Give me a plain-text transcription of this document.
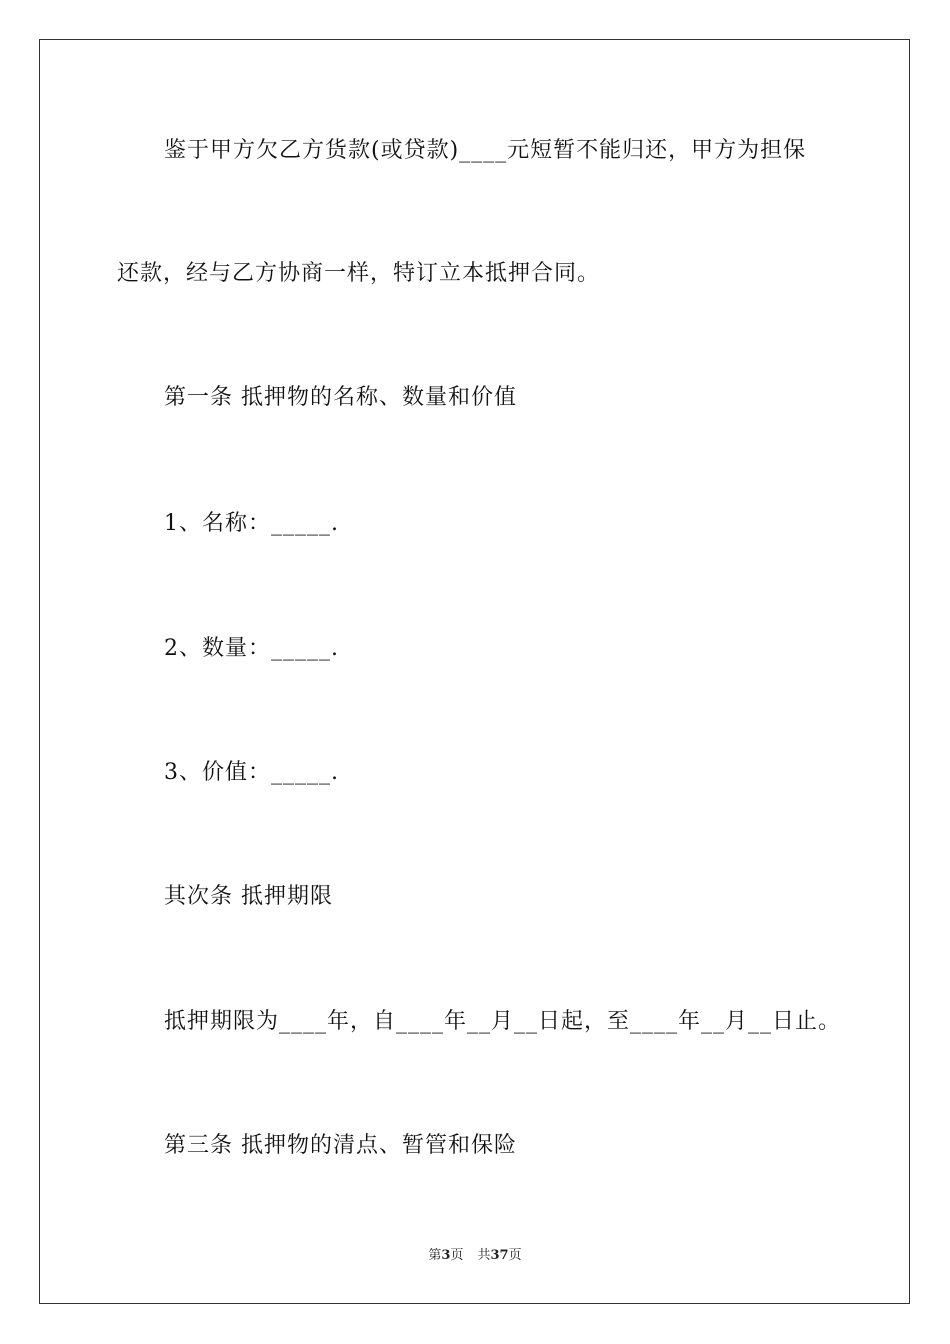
鉴于甲方欠乙方货款(或贷款)____元短暂不能归还，甲方为担保
还款，经与乙方协商一样，特订立本抵押合同。
第一条 抵押物的名称、数量和价值
1、名称：_____.
2、数量：_____.
3、价值：_____.
其次条 抵押期限
抵押期限为____年，自____年__月__日起，至____年__月__日止。
第三条 抵押物的清点、暂管和保险
第3页 共37页
